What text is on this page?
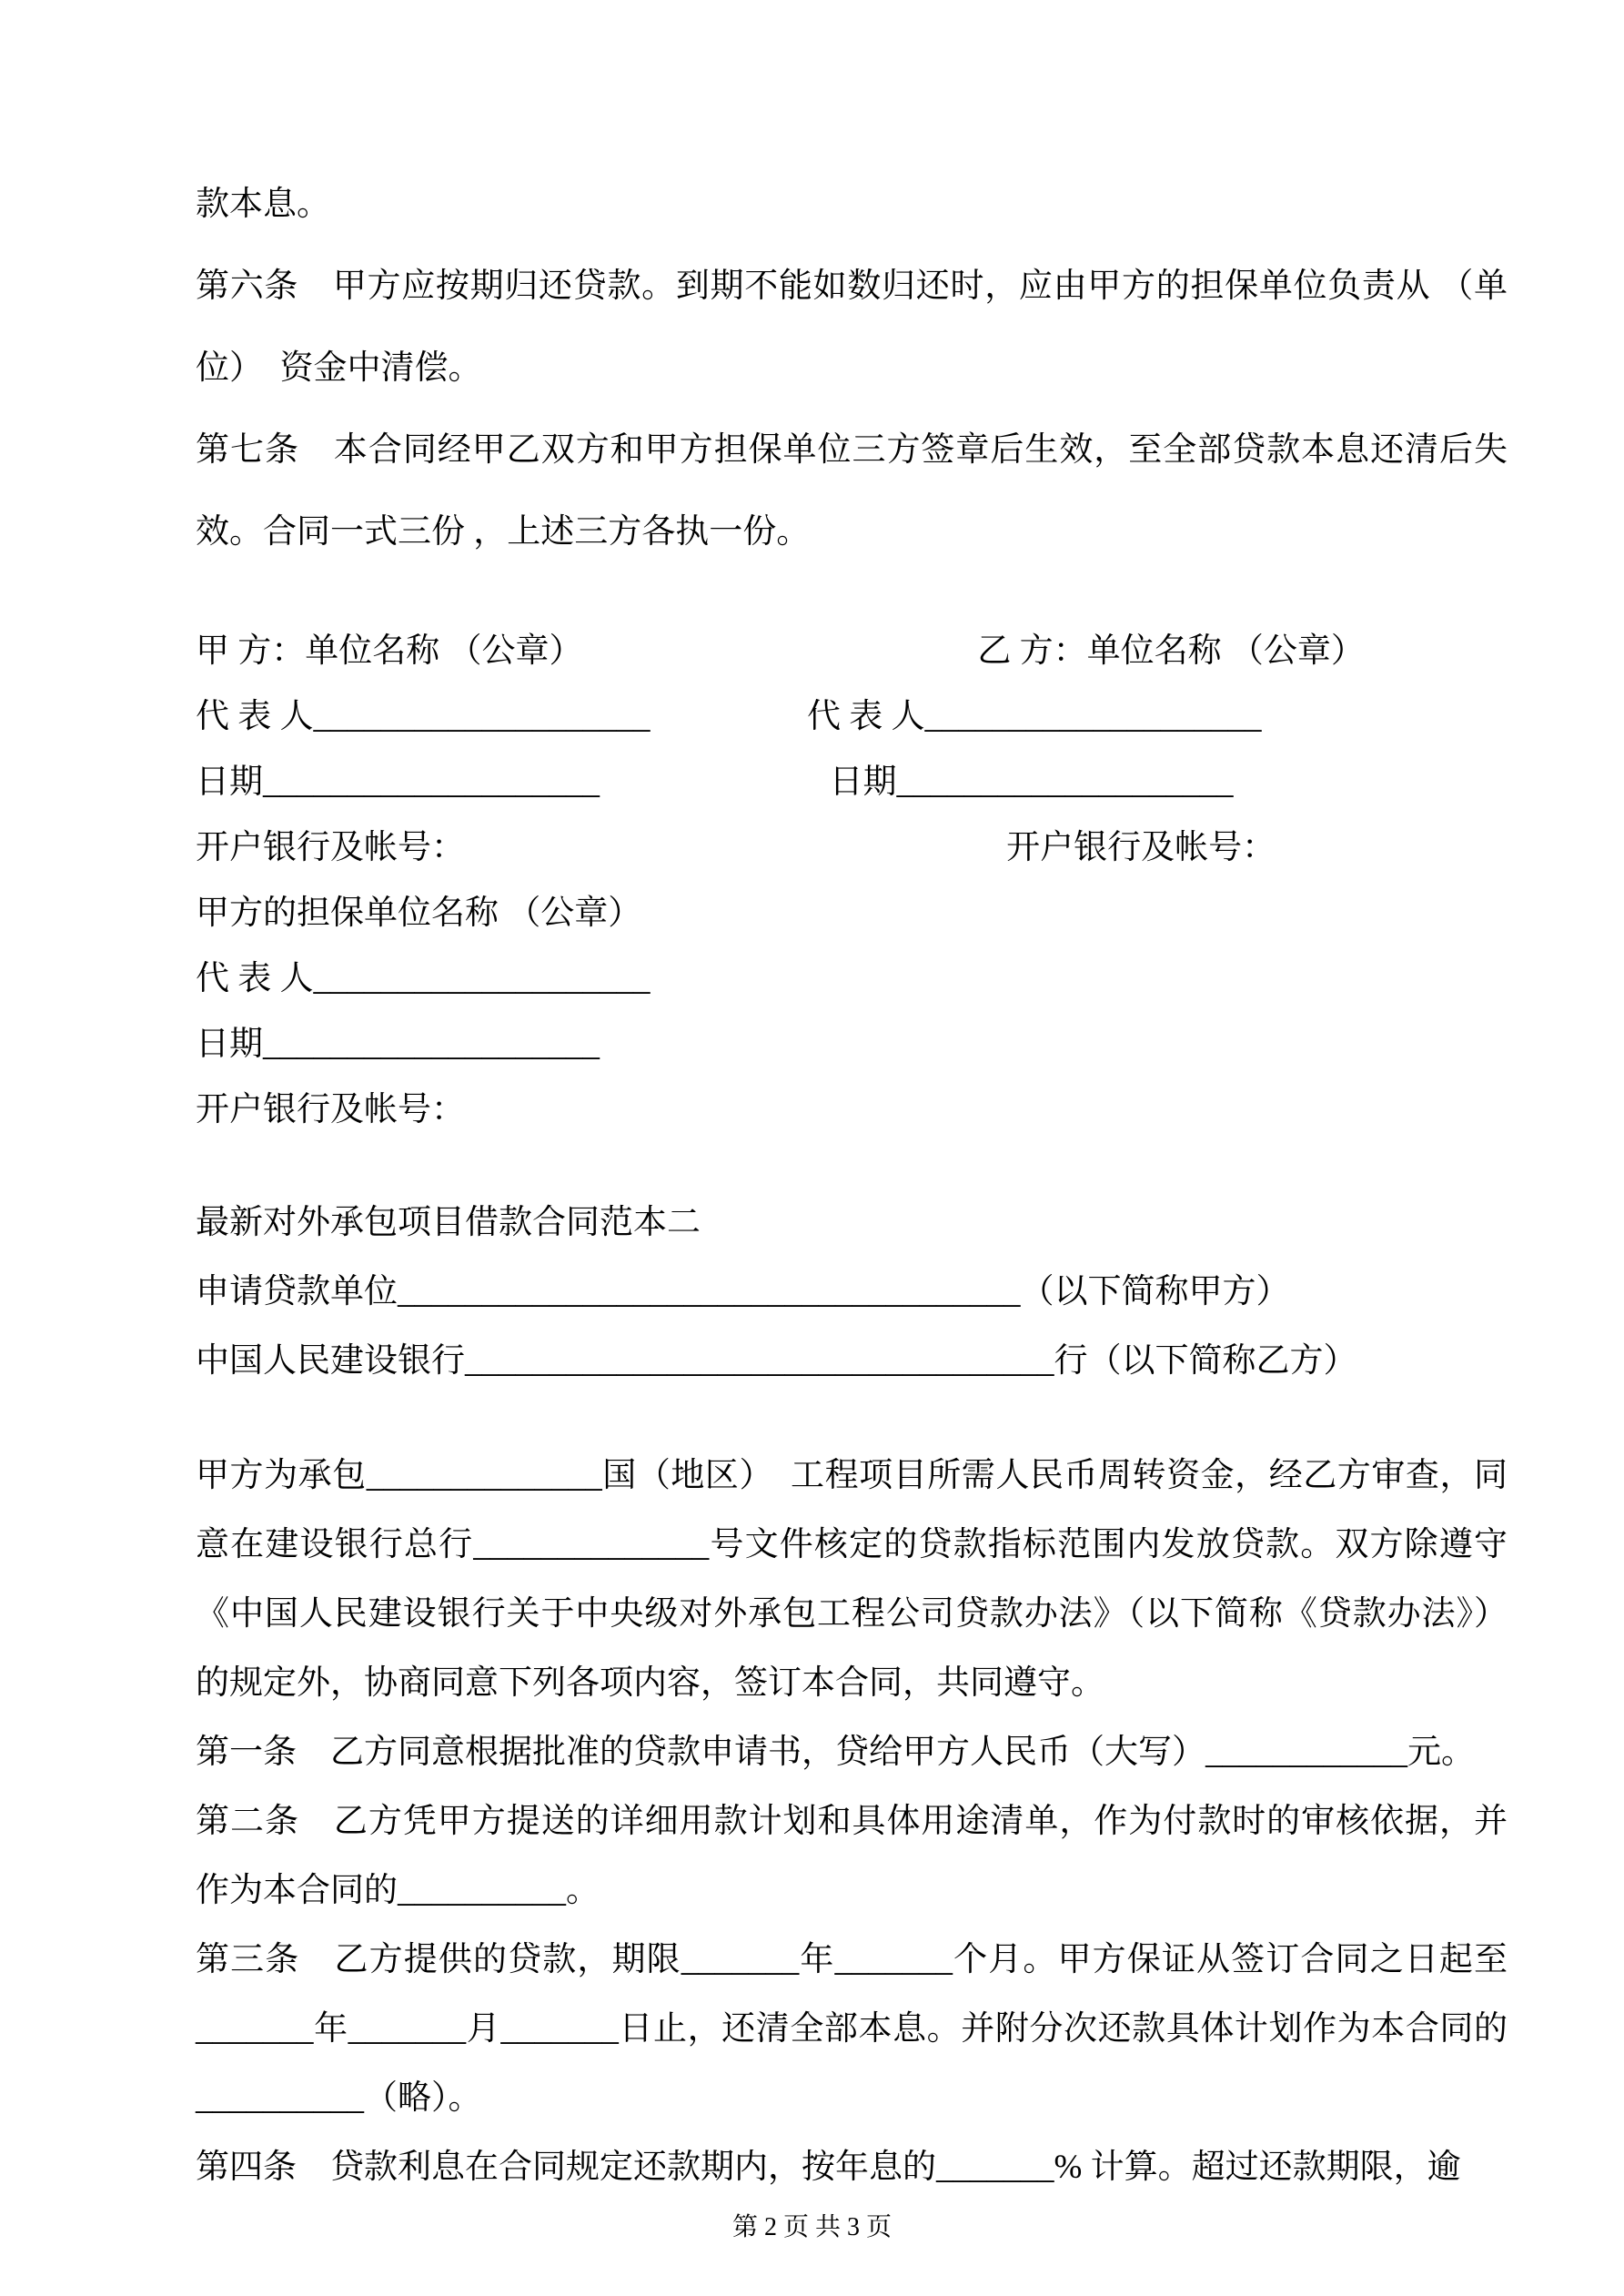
款本息。

第六条　甲方应按期归还贷款。到期不能如数归还时，应由甲方的担保单位负责从 （单位）　资金中清偿。

第七条　本合同经甲乙双方和甲方担保单位三方签章后生效，至全部贷款本息还清后失效。合同一式三份 ，上述三方各执一份。

甲 方：单位名称 （公章）	乙 方：单位名称 （公章）
代 表 人____________________	代 表 人____________________
日期____________________	日期____________________
开户银行及帐号：	开户银行及帐号：
甲方的担保单位名称 （公章）
代 表 人____________________
日期____________________
开户银行及帐号：

最新对外承包项目借款合同范本二

申请贷款单位_____________________________________（以下简称甲方）

中国人民建设银行___________________________________行（以下简称乙方）

甲方为承包______________国（地区）　工程项目所需人民币周转资金，经乙方审查，同意在建设银行总行______________号文件核定的贷款指标范围内发放贷款。双方除遵守《中国人民建设银行关于中央级对外承包工程公司贷款办法》（以下简称《贷款办法》）的规定外，协商同意下列各项内容，签订本合同，共同遵守。

第一条　乙方同意根据批准的贷款申请书，贷给甲方人民币（大写）____________元。

第二条　乙方凭甲方提送的详细用款计划和具体用途清单，作为付款时的审核依据，并作为本合同的__________。

第三条　乙方提供的贷款，期限_______年_______个月。甲方保证从签订合同之日起至_______年_______月_______日止，还清全部本息。并附分次还款具体计划作为本合同的__________（略）。

第四条　贷款利息在合同规定还款期内，按年息的_______% 计算。超过还款期限，逾

第 2 页 共 3 页
